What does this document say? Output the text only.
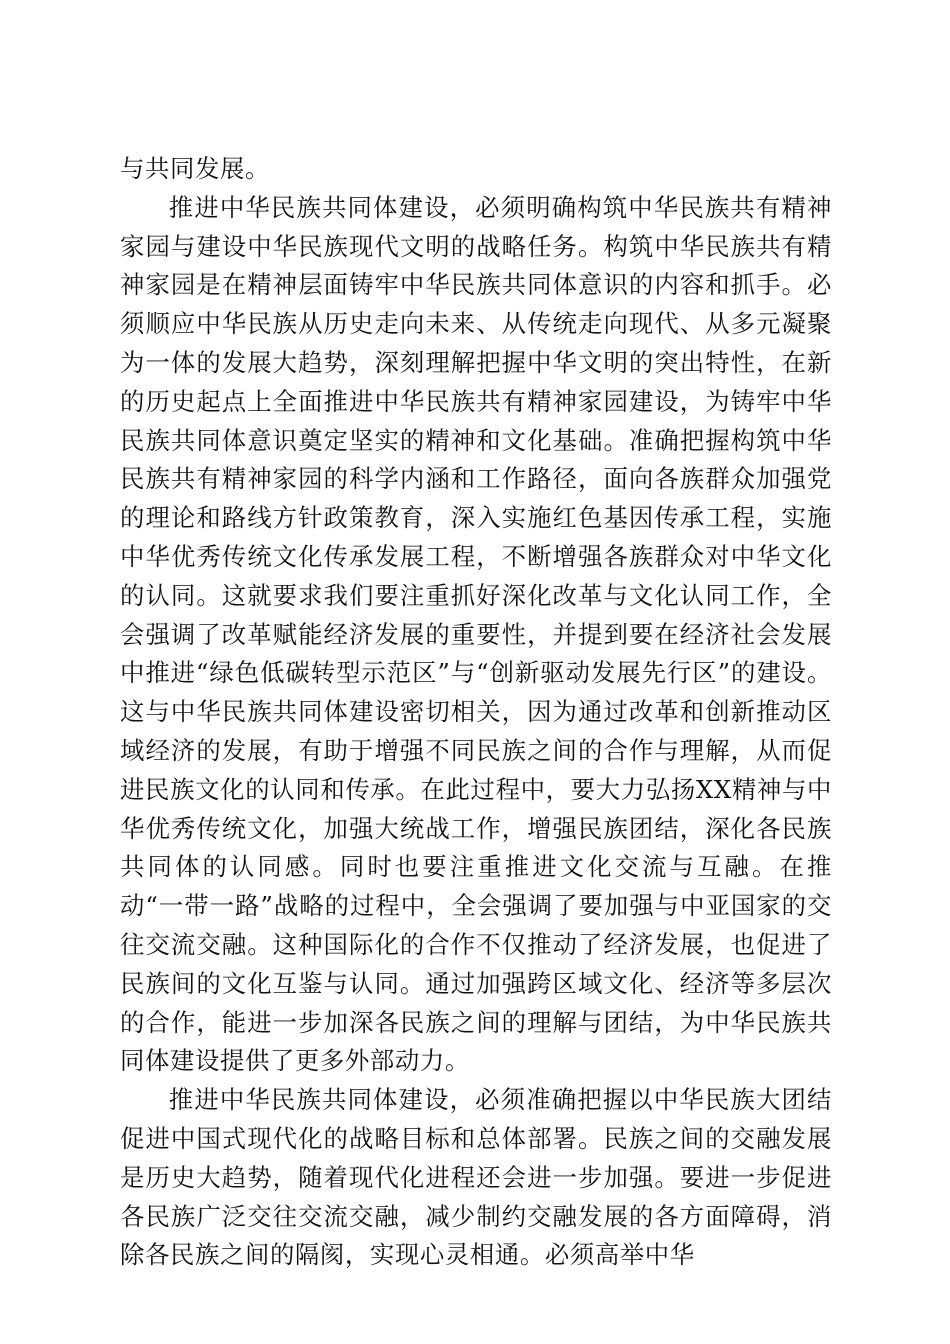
与共同发展。

推进中华民族共同体建设，必须明确构筑中华民族共有精神家园与建设中华民族现代文明的战略任务。构筑中华民族共有精神家园是在精神层面铸牢中华民族共同体意识的内容和抓手。必须顺应中华民族从历史走向未来、从传统走向现代、从多元凝聚为一体的发展大趋势，深刻理解把握中华文明的突出特性，在新的历史起点上全面推进中华民族共有精神家园建设，为铸牢中华民族共同体意识奠定坚实的精神和文化基础。准确把握构筑中华民族共有精神家园的科学内涵和工作路径，面向各族群众加强党的理论和路线方针政策教育，深入实施红色基因传承工程，实施中华优秀传统文化传承发展工程，不断增强各族群众对中华文化的认同。这就要求我们要注重抓好深化改革与文化认同工作，全会强调了改革赋能经济发展的重要性，并提到要在经济社会发展中推进“绿色低碳转型示范区”与“创新驱动发展先行区”的建设。这与中华民族共同体建设密切相关，因为通过改革和创新推动区域经济的发展，有助于增强不同民族之间的合作与理解，从而促进民族文化的认同和传承。在此过程中，要大力弘扬XX精神与中华优秀传统文化，加强大统战工作，增强民族团结，深化各民族共同体的认同感。同时也要注重推进文化交流与互融。在推动“一带一路”战略的过程中，全会强调了要加强与中亚国家的交往交流交融。这种国际化的合作不仅推动了经济发展，也促进了民族间的文化互鉴与认同。通过加强跨区域文化、经济等多层次的合作，能进一步加深各民族之间的理解与团结，为中华民族共同体建设提供了更多外部动力。

推进中华民族共同体建设，必须准确把握以中华民族大团结促进中国式现代化的战略目标和总体部署。民族之间的交融发展是历史大趋势，随着现代化进程还会进一步加强。要进一步促进各民族广泛交往交流交融，减少制约交融发展的各方面障碍，消除各民族之间的隔阂，实现心灵相通。必须高举中华
